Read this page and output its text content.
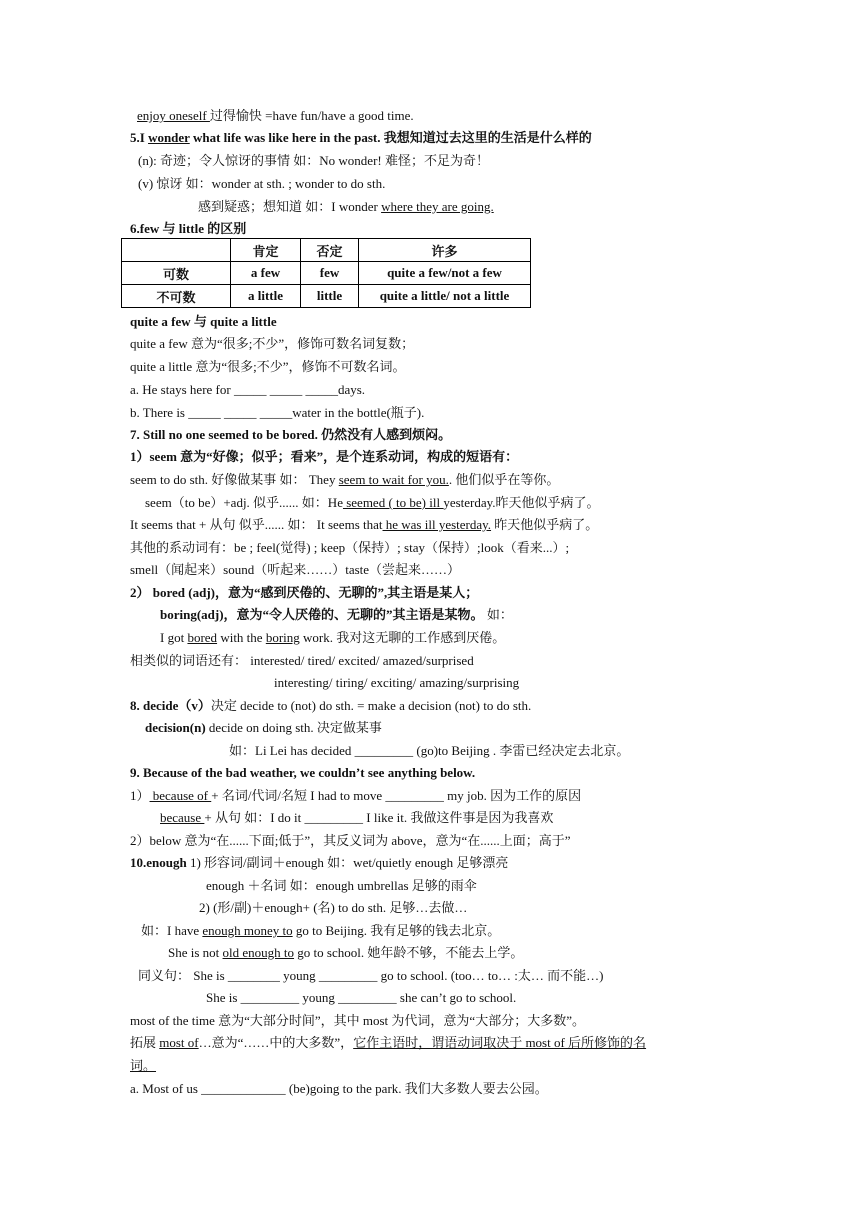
enjoy oneself 过得愉快 =have fun/have a good time.
5.I wonder what life was like here in the past. 我想知道过去这里的生活是什么样的
(n): 奇迹；令人惊讶的事情 如：No wonder! 难怪；不足为奇！
(v) 惊讶 如：wonder at sth. ; wonder to do sth.
感到疑惑；想知道 如：I wonder where they are going.
6.few 与 little 的区别
	肯定	否定	许多
可数	a few	few	quite a few/not a few
不可数	a little	little	quite a little/ not a little
quite a few 与 quite a little
quite a few 意为“很多;不少”，修饰可数名词复数；
quite a little 意为“很多;不少”，修饰不可数名词。
a. He stays here for _____ _____ _____days.
b. There is _____ _____ _____water in the bottle(瓶子).
7. Still no one seemed to be bored. 仍然没有人感到烦闷。
1）seem 意为“好像；似乎；看来”，是个连系动词，构成的短语有：
seem to do sth. 好像做某事 如： They seem to wait for you.. 他们似乎在等你。
seem（to be）+adj. 似乎...... 如：He seemed ( to be) ill yesterday.昨天他似乎病了。
It seems that + 从句 似乎...... 如： It seems that he was ill yesterday. 昨天他似乎病了。
其他的系动词有：be ; feel(觉得) ; keep（保持）; stay（保持）;look（看来...）;
smell（闻起来）sound（听起来……）taste（尝起来……）
2） bored (adj)，意为“感到厌倦的、无聊的”,其主语是某人；
boring(adj)，意为“令人厌倦的、无聊的”其主语是某物。 如：
I got bored with the boring work. 我对这无聊的工作感到厌倦。
相类似的词语还有： interested/ tired/ excited/ amazed/surprised
interesting/ tiring/ exciting/ amazing/surprising
8. decide（v）决定 decide to (not) do sth. = make a decision (not) to do sth.
decision(n) decide on doing sth. 决定做某事
如：Li Lei has decided _________ (go)to Beijing . 李雷已经决定去北京。
9. Because of the bad weather, we couldn’t see anything below.
1） because of + 名词/代词/名短 I had to move _________ my job. 因为工作的原因
because + 从句 如：I do it _________ I like it. 我做这件事是因为我喜欢
2）below 意为“在......下面;低于”，其反义词为 above，意为“在......上面；高于”
10.enough 1) 形容词/副词＋enough 如：wet/quietly enough 足够漂亮
enough ＋名词 如：enough umbrellas 足够的雨伞
2) (形/副)＋enough+ (名) to do sth. 足够…去做…
如：I have enough money to go to Beijing. 我有足够的钱去北京。
She is not old enough to go to school. 她年龄不够，不能去上学。
同义句： She is ________ young _________ go to school. (too… to… :太… 而不能…)
She is _________ young _________ she can’t go to school.
most of the time 意为“大部分时间”，其中 most 为代词，意为“大部分；大多数”。
拓展 most of…意为“……中的大多数”，它作主语时，谓语动词取决于 most of 后所修饰的名
词。
a. Most of us _____________ (be)going to the park. 我们大多数人要去公园。
